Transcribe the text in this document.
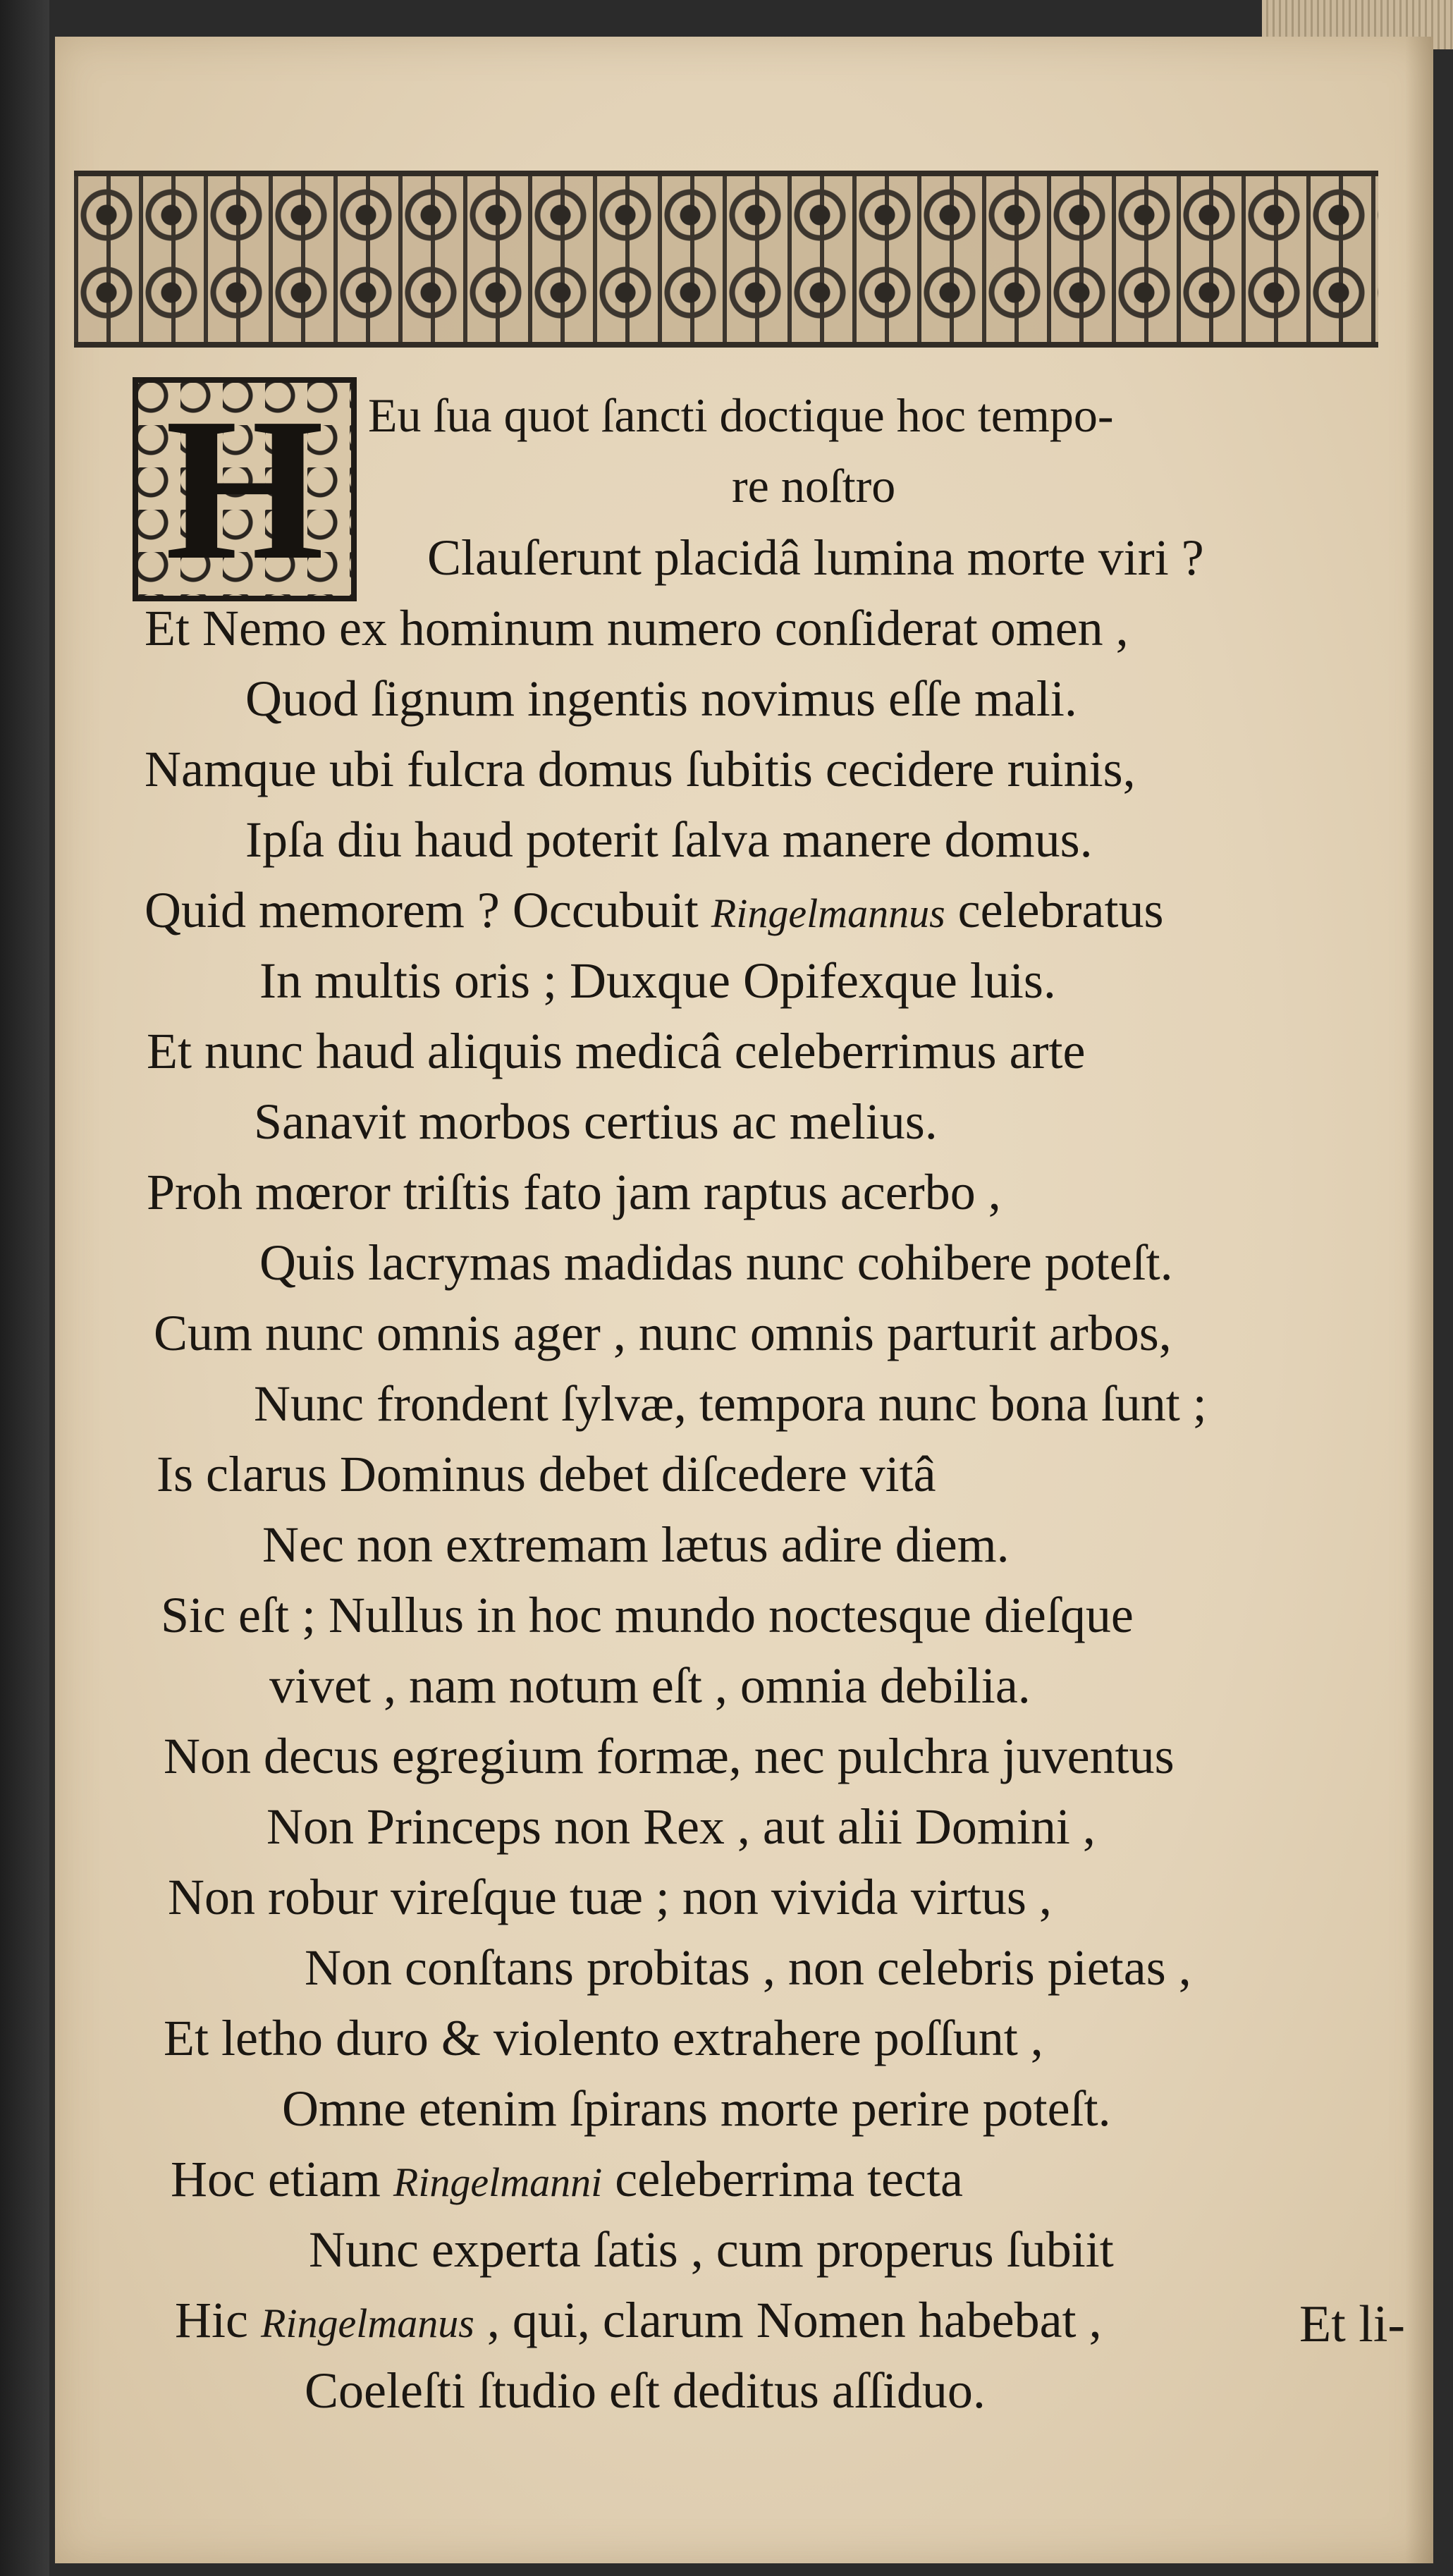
H Eu ſua quot ſancti doctique hoc tempo-
re noſtro
Clauſerunt placidâ lumina morte viri ?
Et Nemo ex hominum numero conſiderat omen ,
Quod ſignum ingentis novimus eſſe mali.
Namque ubi fulcra domus ſubitis cecidere ruinis,
Ipſa diu haud poterit ſalva manere domus.
Quid memorem ? Occubuit Ringelmannus celebratus
In multis oris ; Duxque Opifexque luis.
Et nunc haud aliquis medicâ celeberrimus arte
Sanavit morbos certius ac melius.
Proh mœror triſtis fato jam raptus acerbo ,
Quis lacrymas madidas nunc cohibere poteſt.
Cum nunc omnis ager , nunc omnis parturit arbos,
Nunc frondent ſylvæ, tempora nunc bona ſunt ;
Is clarus Dominus debet diſcedere vitâ
Nec non extremam lætus adire diem.
Sic eſt ; Nullus in hoc mundo noctesque dieſque
vivet , nam notum eſt , omnia debilia.
Non decus egregium formæ, nec pulchra juventus
Non Princeps non Rex , aut alii Domini ,
Non robur vireſque tuæ ; non vivida virtus ,
Non conſtans probitas , non celebris pietas ,
Et letho duro & violento extrahere poſſunt ,
Omne etenim ſpirans morte perire poteſt.
Hoc etiam Ringelmanni celeberrima tecta
Nunc experta ſatis , cum properus ſubiit
Hic Ringelmanus , qui, clarum Nomen habebat ,
Coeleſti ſtudio eſt deditus aſſiduo.
Et li-
